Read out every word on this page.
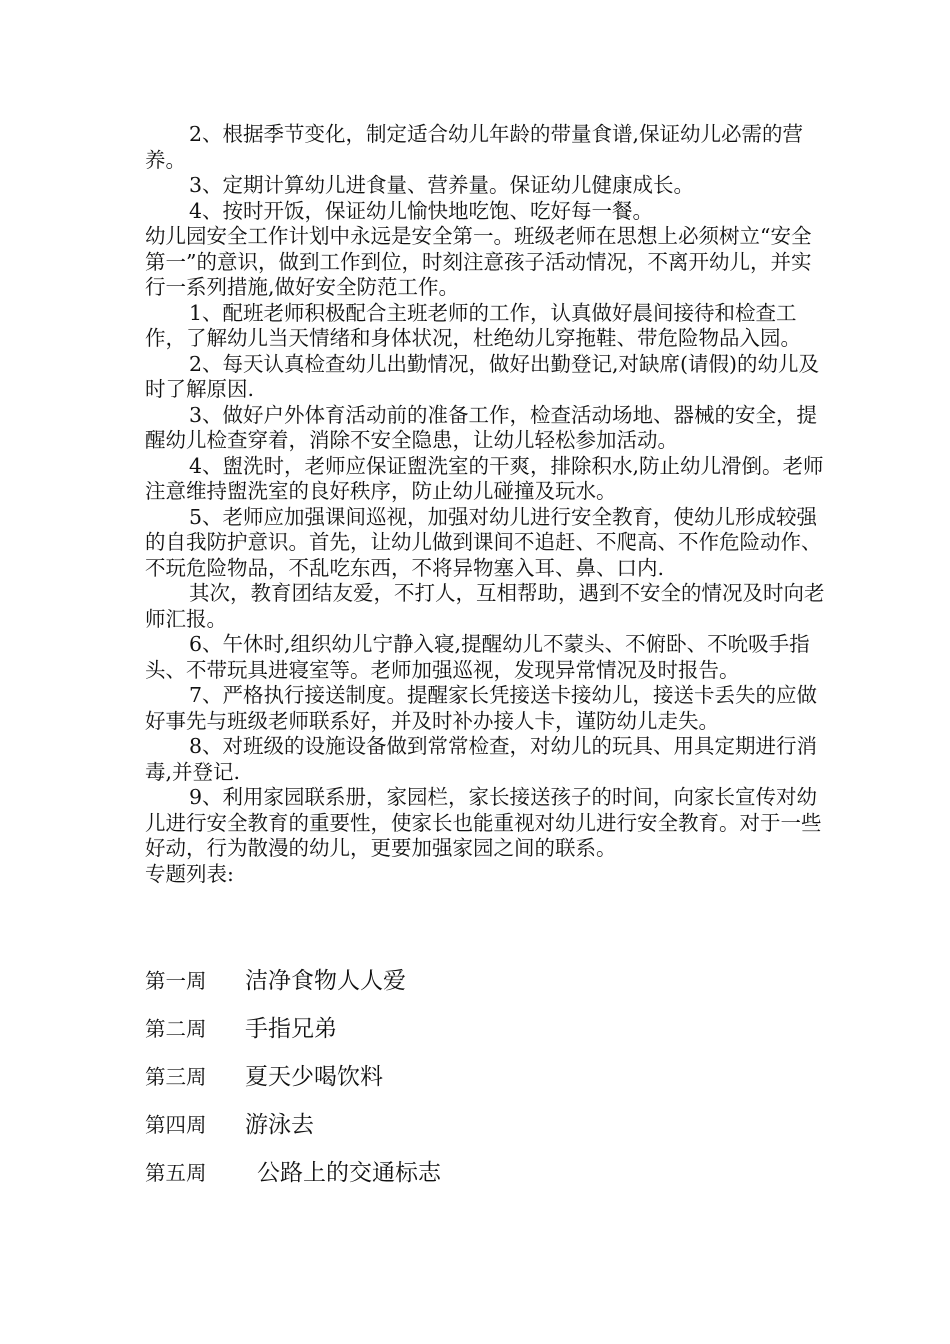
2、根据季节变化，制定适合幼儿年龄的带量食谱,保证幼儿必需的营养。

3、定期计算幼儿进食量、营养量。保证幼儿健康成长。

4、按时开饭，保证幼儿愉快地吃饱、吃好每一餐。

幼儿园安全工作计划中永远是安全第一。班级老师在思想上必须树立“安全第一”的意识，做到工作到位，时刻注意孩子活动情况，不离开幼儿，并实行一系列措施,做好安全防范工作。

1、配班老师积极配合主班老师的工作，认真做好晨间接待和检查工作，了解幼儿当天情绪和身体状况，杜绝幼儿穿拖鞋、带危险物品入园。

2、每天认真检查幼儿出勤情况，做好出勤登记,对缺席(请假)的幼儿及时了解原因.

3、做好户外体育活动前的准备工作，检查活动场地、器械的安全，提醒幼儿检查穿着，消除不安全隐患，让幼儿轻松参加活动。

4、盥洗时，老师应保证盥洗室的干爽，排除积水,防止幼儿滑倒。老师注意维持盥洗室的良好秩序，防止幼儿碰撞及玩水。

5、老师应加强课间巡视，加强对幼儿进行安全教育，使幼儿形成较强的自我防护意识。首先，让幼儿做到课间不追赶、不爬高、不作危险动作、不玩危险物品，不乱吃东西，不将异物塞入耳、鼻、口内.

其次，教育团结友爱，不打人，互相帮助，遇到不安全的情况及时向老师汇报。

6、午休时,组织幼儿宁静入寝,提醒幼儿不蒙头、不俯卧、不吮吸手指头、不带玩具进寝室等。老师加强巡视，发现异常情况及时报告。

7、严格执行接送制度。提醒家长凭接送卡接幼儿，接送卡丢失的应做好事先与班级老师联系好，并及时补办接人卡，谨防幼儿走失。

8、对班级的设施设备做到常常检查，对幼儿的玩具、用具定期进行消毒,并登记.

9、利用家园联系册，家园栏，家长接送孩子的时间，向家长宣传对幼儿进行安全教育的重要性，使家长也能重视对幼儿进行安全教育。对于一些好动，行为散漫的幼儿，更要加强家园之间的联系。

专题列表:

第一周	洁净食物人人爱
第二周	手指兄弟
第三周	夏天少喝饮料
第四周	游泳去
第五周	公路上的交通标志
